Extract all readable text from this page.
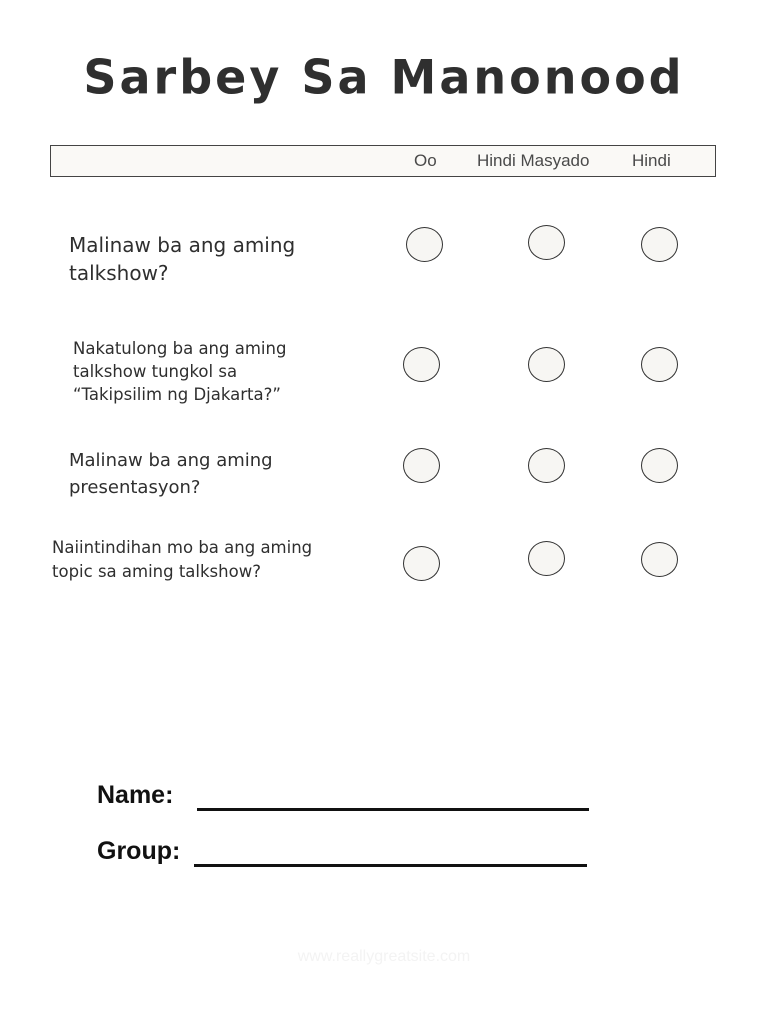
Sarbey Sa Manonood
Oo Hindi Masyado	Hindi
Malinaw ba ang aming
talkshow?
Nakatulong ba ang aming
talkshow tungkol sa
“Takipsilim ng Djakarta?”
Malinaw ba ang aming
presentasyon?
Naiintindihan mo ba ang aming
topic sa aming talkshow?
Name:
Group:
www.reallygreatsite.com
